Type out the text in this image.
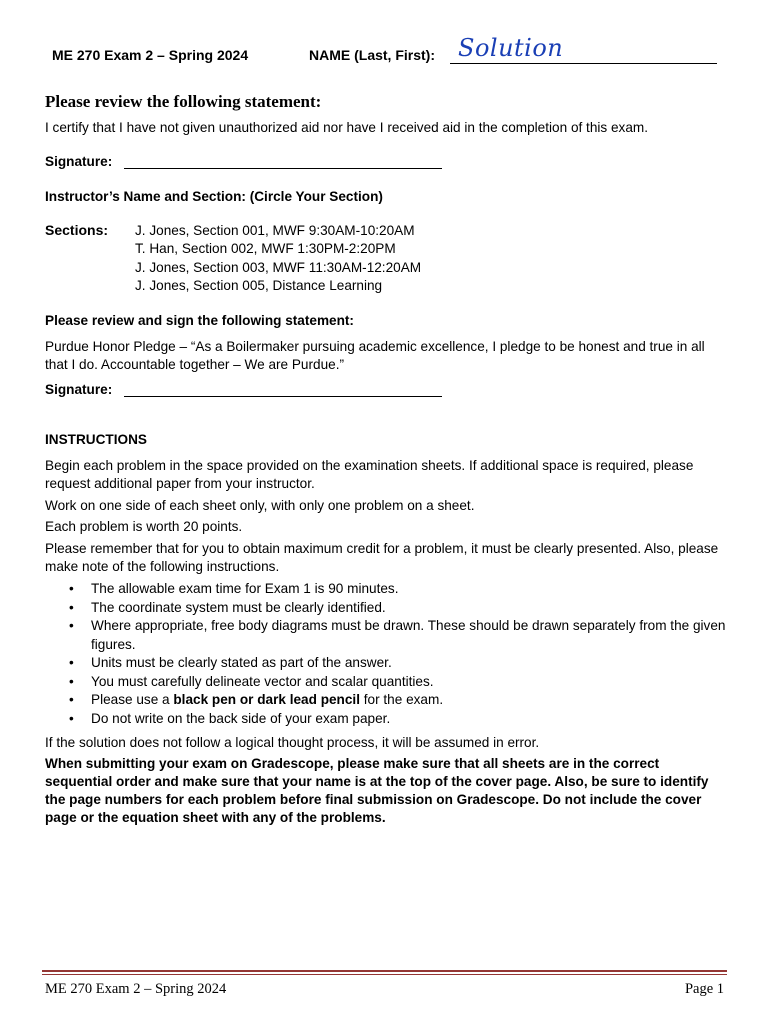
ME 270 Exam 2 – Spring 2024	NAME (Last, First): Solution
Please review the following statement:
I certify that I have not given unauthorized aid nor have I received aid in the completion of this exam.
Signature:
Instructor’s Name and Section: (Circle Your Section)
Sections: J. Jones, Section 001, MWF 9:30AM-10:20AM
T. Han, Section 002, MWF 1:30PM-2:20PM
J. Jones, Section 003, MWF 11:30AM-12:20AM
J. Jones, Section 005, Distance Learning
Please review and sign the following statement:
Purdue Honor Pledge – “As a Boilermaker pursuing academic excellence, I pledge to be honest and true in all that I do. Accountable together – We are Purdue.”
Signature:
INSTRUCTIONS
Begin each problem in the space provided on the examination sheets. If additional space is required, please request additional paper from your instructor.
Work on one side of each sheet only, with only one problem on a sheet.
Each problem is worth 20 points.
Please remember that for you to obtain maximum credit for a problem, it must be clearly presented. Also, please make note of the following instructions.
• The allowable exam time for Exam 1 is 90 minutes.
• The coordinate system must be clearly identified.
• Where appropriate, free body diagrams must be drawn. These should be drawn separately from the given figures.
• Units must be clearly stated as part of the answer.
• You must carefully delineate vector and scalar quantities.
• Please use a black pen or dark lead pencil for the exam.
• Do not write on the back side of your exam paper.
If the solution does not follow a logical thought process, it will be assumed in error.
When submitting your exam on Gradescope, please make sure that all sheets are in the correct sequential order and make sure that your name is at the top of the cover page. Also, be sure to identify the page numbers for each problem before final submission on Gradescope. Do not include the cover page or the equation sheet with any of the problems.
ME 270 Exam 2 – Spring 2024	Page 1
